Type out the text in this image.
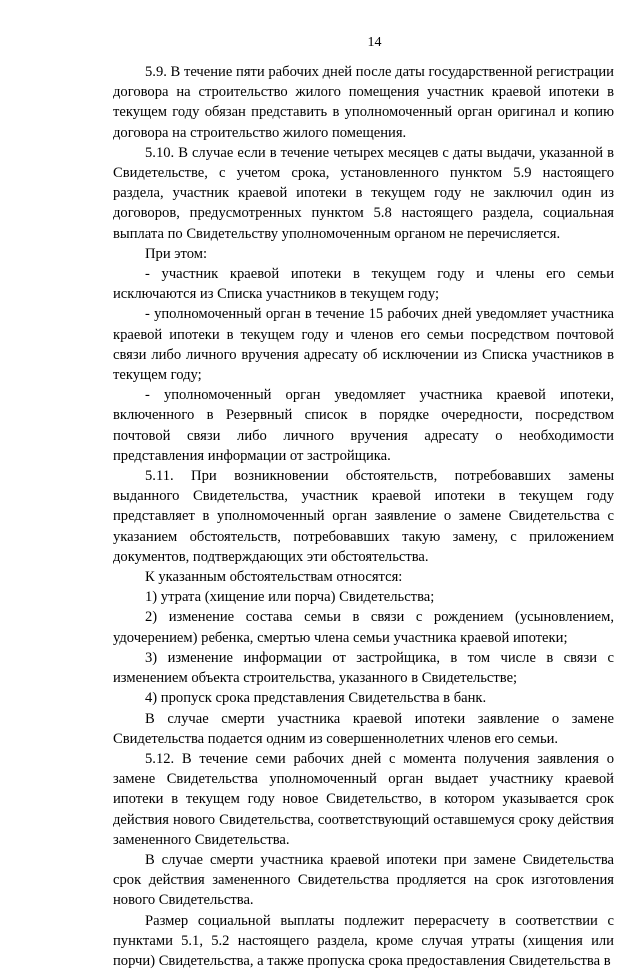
14

5.9. В течение пяти рабочих дней после даты государственной регистрации договора на строительство жилого помещения участник краевой ипотеки в текущем году обязан представить в уполномоченный орган оригинал и копию договора на строительство жилого помещения.

5.10. В случае если в течение четырех месяцев с даты выдачи, указанной в Свидетельстве, с учетом срока, установленного пунктом 5.9 настоящего раздела, участник краевой ипотеки в текущем году не заключил один из договоров, предусмотренных пунктом 5.8 настоящего раздела, социальная выплата по Свидетельству уполномоченным органом не перечисляется.

При этом:

- участник краевой ипотеки в текущем году и члены его семьи исключаются из Списка участников в текущем году;

- уполномоченный орган в течение 15 рабочих дней уведомляет участника краевой ипотеки в текущем году и членов его семьи посредством почтовой связи либо личного вручения адресату об исключении из Списка участников в текущем году;

- уполномоченный орган уведомляет участника краевой ипотеки, включенного в Резервный список в порядке очередности, посредством почтовой связи либо личного вручения адресату о необходимости представления информации от застройщика.

5.11. При возникновении обстоятельств, потребовавших замены выданного Свидетельства, участник краевой ипотеки в текущем году представляет в уполномоченный орган заявление о замене Свидетельства с указанием обстоятельств, потребовавших такую замену, с приложением документов, подтверждающих эти обстоятельства.

К указанным обстоятельствам относятся:

1) утрата (хищение или порча) Свидетельства;

2) изменение состава семьи в связи с рождением (усыновлением, удочерением) ребенка, смертью члена семьи участника краевой ипотеки;

3) изменение информации от застройщика, в том числе в связи с изменением объекта строительства, указанного в Свидетельстве;

4) пропуск срока представления Свидетельства в банк.

В случае смерти участника краевой ипотеки заявление о замене Свидетельства подается одним из совершеннолетних членов его семьи.

5.12. В течение семи рабочих дней с момента получения заявления о замене Свидетельства уполномоченный орган выдает участнику краевой ипотеки в текущем году новое Свидетельство, в котором указывается срок действия нового Свидетельства, соответствующий оставшемуся сроку действия замененного Свидетельства.

В случае смерти участника краевой ипотеки при замене Свидетельства срок действия замененного Свидетельства продляется на срок изготовления нового Свидетельства.

Размер социальной выплаты подлежит перерасчету в соответствии с пунктами 5.1, 5.2 настоящего раздела, кроме случая утраты (хищения или порчи) Свидетельства, а также пропуска срока предоставления Свидетельства в
